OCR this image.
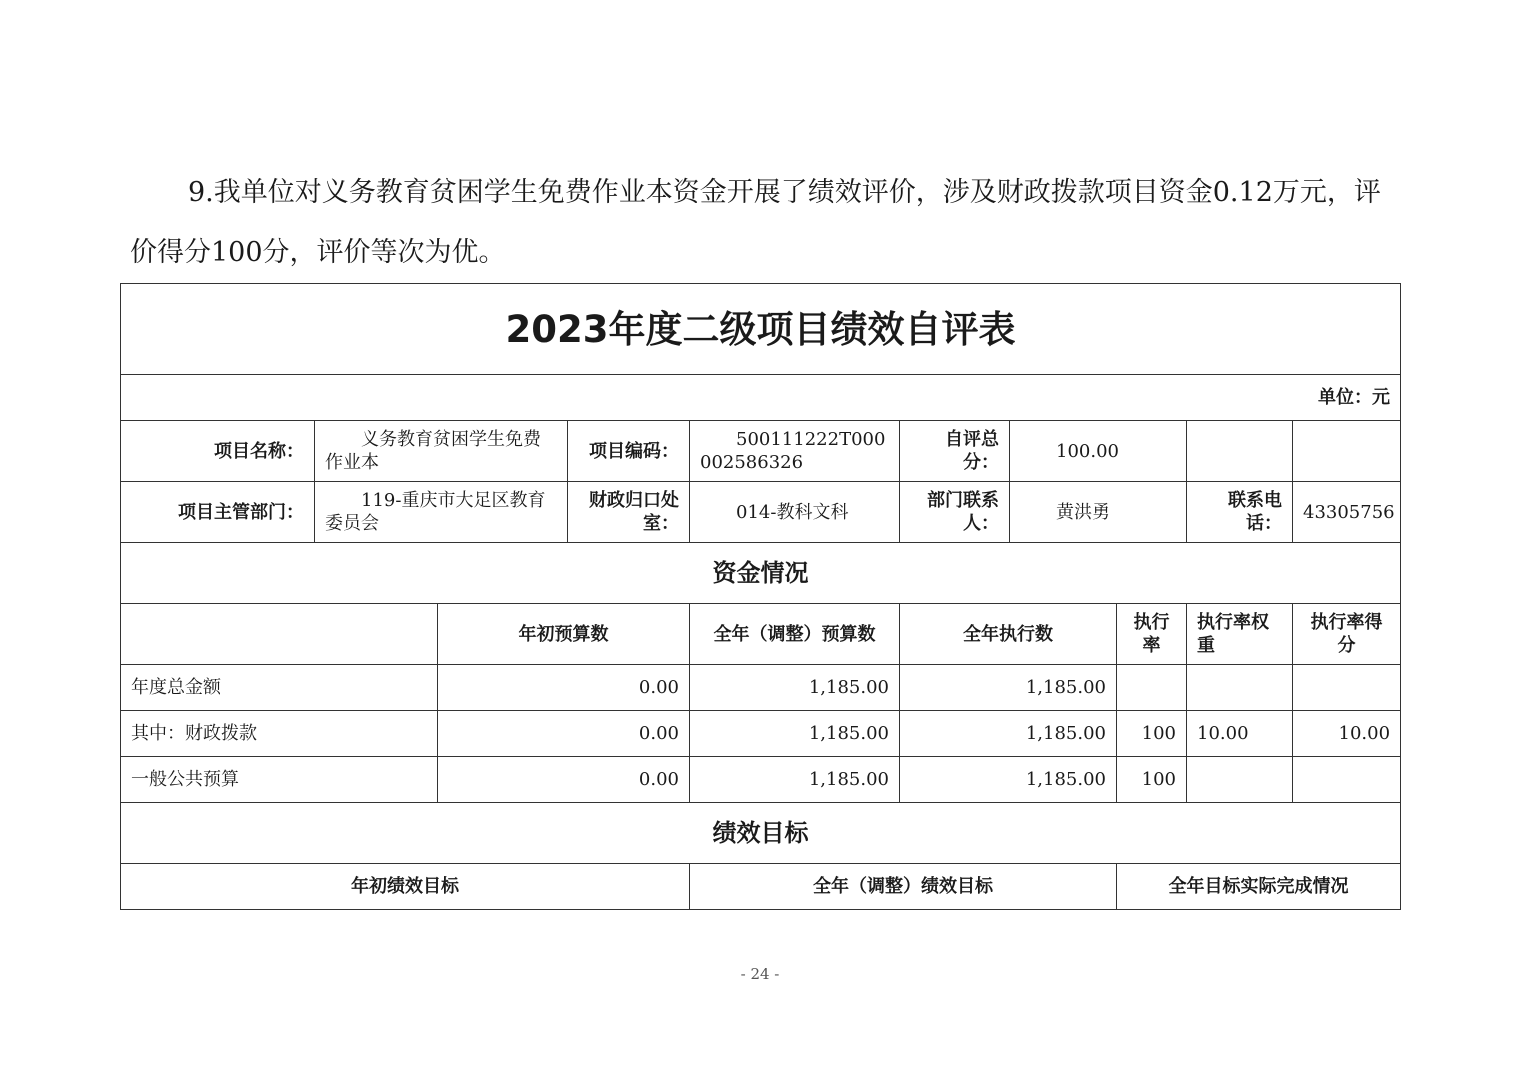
9.我单位对义务教育贫困学生免费作业本资金开展了绩效评价，涉及财政拨款项目资金0.12万元，评价得分100分，评价等次为优。

2023年度二级项目绩效自评表									
单位：元									
项目名称：	义务教育贫困学生免费作业本		项目编码：	500111222T000002586326	自评总分：	100.00			
项目主管部门：	119-重庆市大足区教育委员会		财政归口处室：	014-教科文科	部门联系人：	黄洪勇		联系电话：	43305756
资金情况									
		年初预算数		全年（调整）预算数	全年执行数		执行率	执行率权重	执行率得分
年度总金额		0.00		1,185.00	1,185.00				
其中：财政拨款		0.00		1,185.00	1,185.00		100	10.00	10.00
一般公共预算		0.00		1,185.00	1,185.00		100		
绩效目标									
年初绩效目标				全年（调整）绩效目标			全年目标实际完成情况		
- 24 -
